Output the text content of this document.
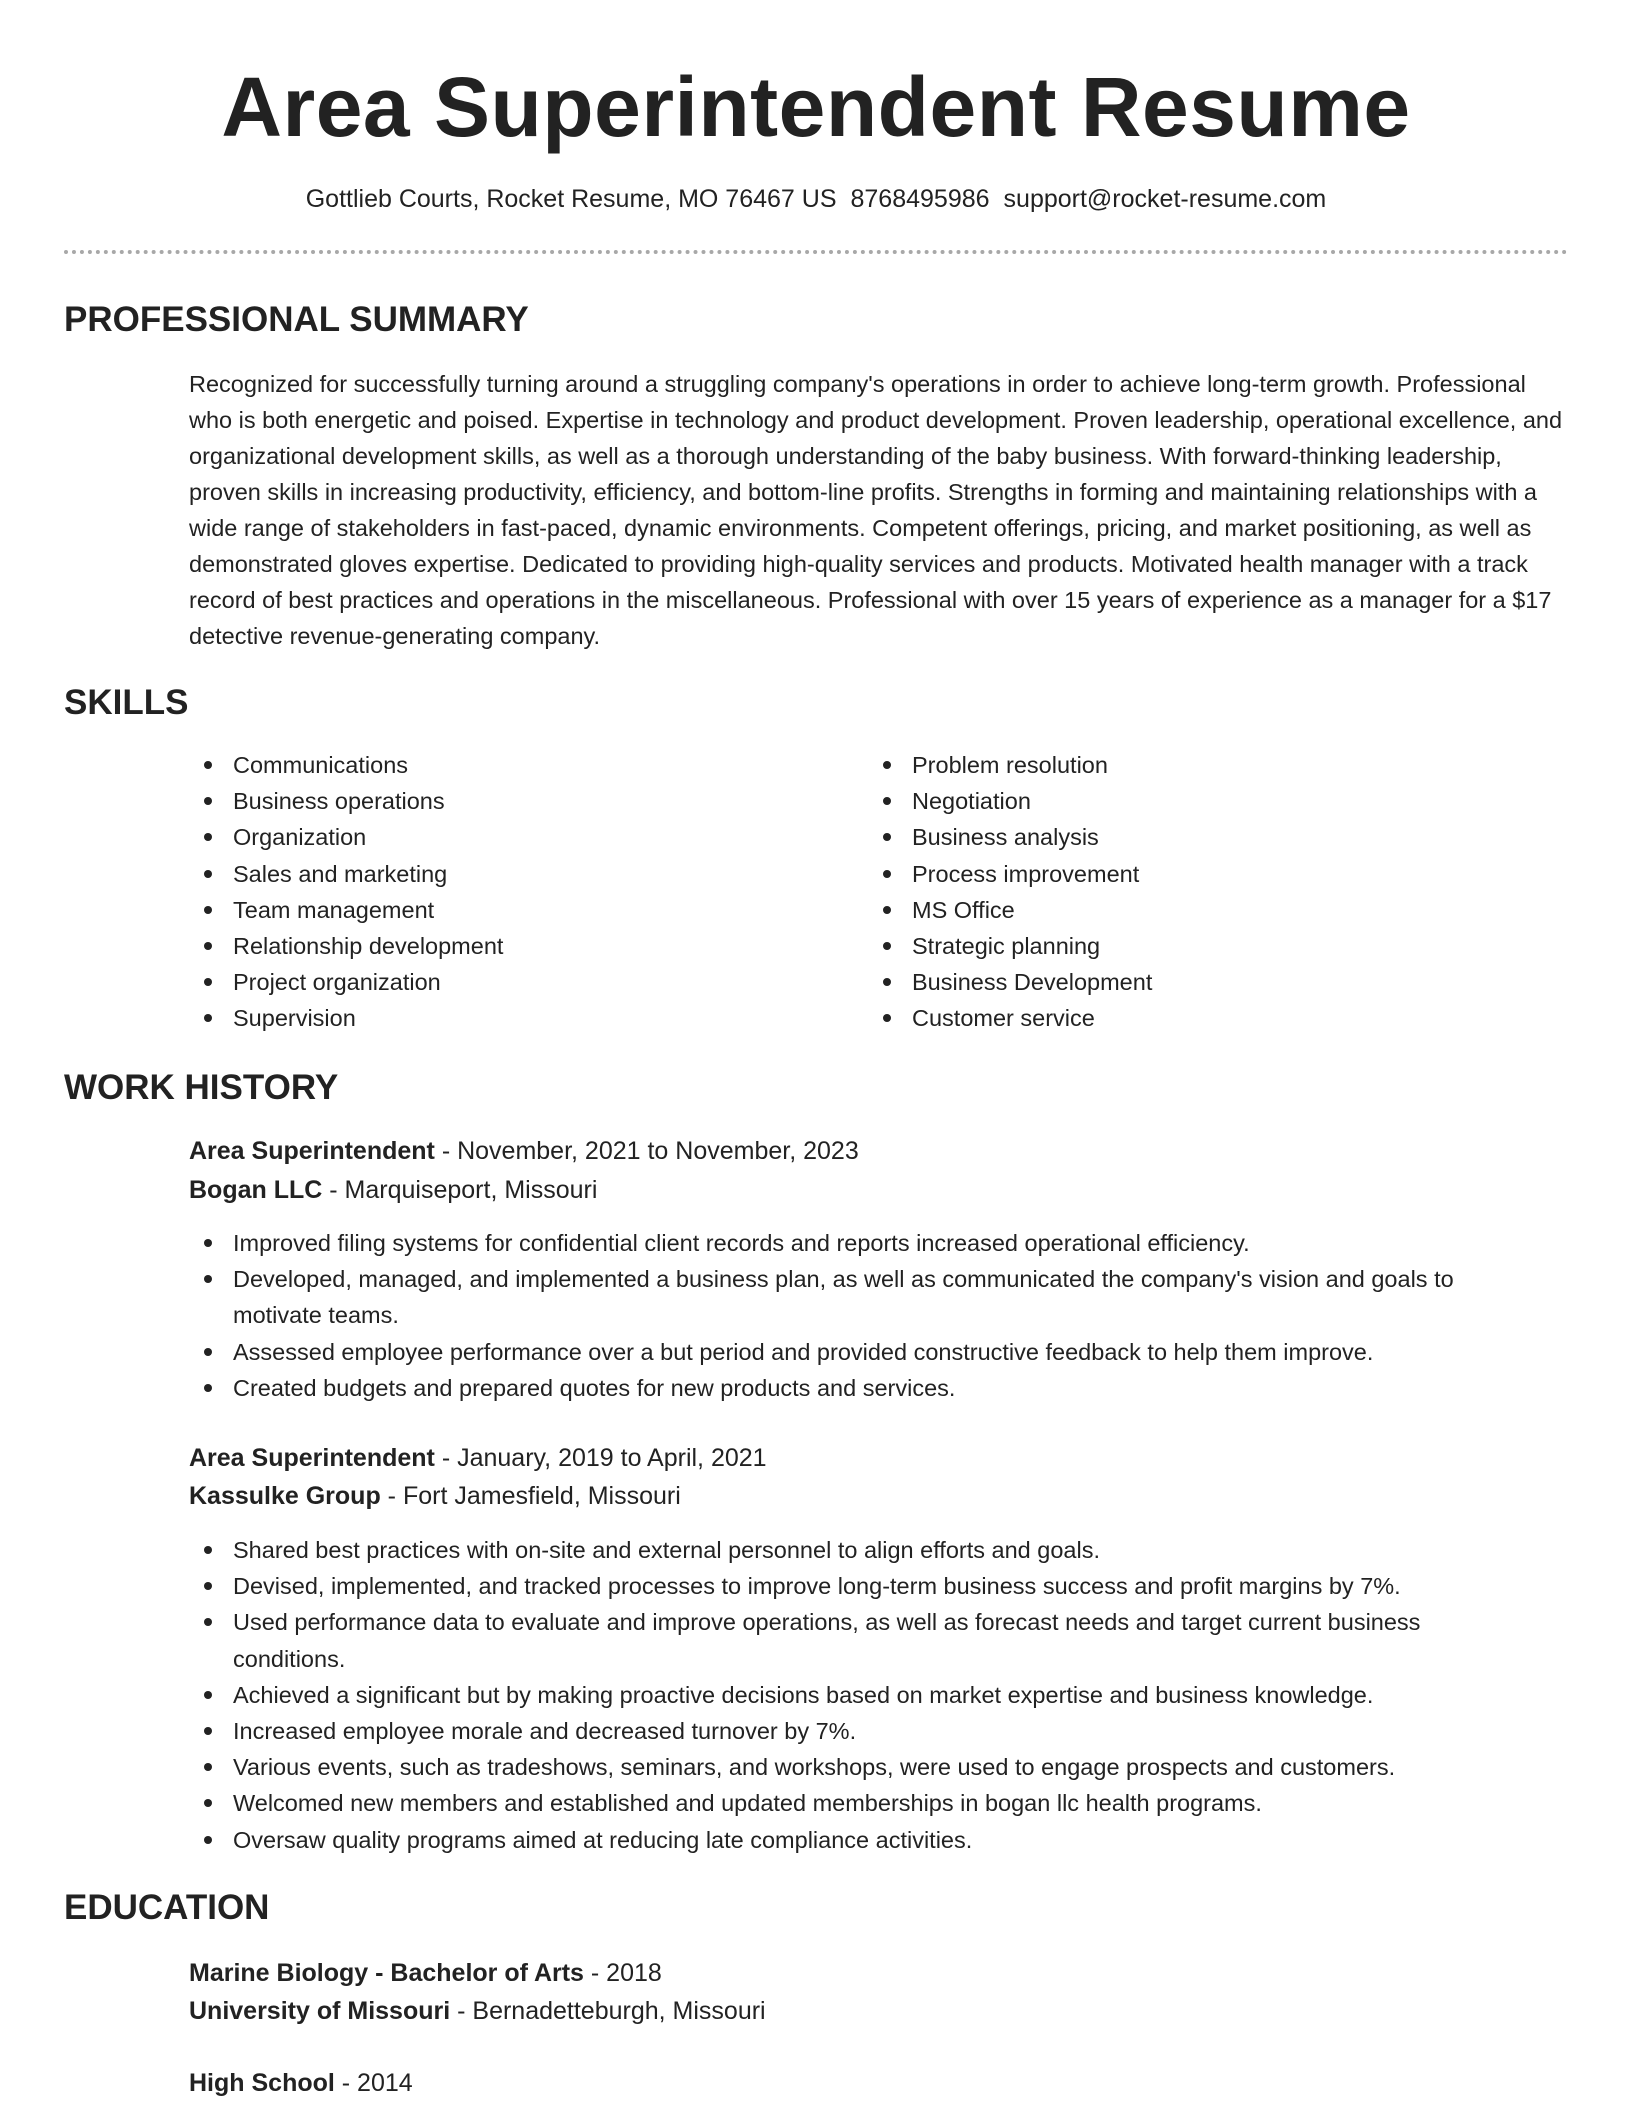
Area Superintendent Resume
Gottlieb Courts, Rocket Resume, MO 76467 US 8768495986 support@rocket-resume.com
PROFESSIONAL SUMMARY

Recognized for successfully turning around a struggling company's operations in order to achieve long-term growth. Professional who is both energetic and poised. Expertise in technology and product development. Proven leadership, operational excellence, and organizational development skills, as well as a thorough understanding of the baby business. With forward-thinking leadership, proven skills in increasing productivity, efficiency, and bottom-line profits. Strengths in forming and maintaining relationships with a wide range of stakeholders in fast-paced, dynamic environments. Competent offerings, pricing, and market positioning, as well as demonstrated gloves expertise. Dedicated to providing high-quality services and products. Motivated health manager with a track record of best practices and operations in the miscellaneous. Professional with over 15 years of experience as a manager for a $17 detective revenue-generating company.

SKILLS
Communications
Business operations
Organization
Sales and marketing
Team management
Relationship development
Project organization
Supervision
Problem resolution
Negotiation
Business analysis
Process improvement
MS Office
Strategic planning
Business Development
Customer service
WORK HISTORY
Area Superintendent - November, 2021 to November, 2023
Bogan LLC - Marquiseport, Missouri
Improved filing systems for confidential client records and reports increased operational efficiency.
Developed, managed, and implemented a business plan, as well as communicated the company's vision and goals to motivate teams.
Assessed employee performance over a but period and provided constructive feedback to help them improve.
Created budgets and prepared quotes for new products and services.
Area Superintendent - January, 2019 to April, 2021
Kassulke Group - Fort Jamesfield, Missouri
Shared best practices with on-site and external personnel to align efforts and goals.
Devised, implemented, and tracked processes to improve long-term business success and profit margins by 7%.
Used performance data to evaluate and improve operations, as well as forecast needs and target current business conditions.
Achieved a significant but by making proactive decisions based on market expertise and business knowledge.
Increased employee morale and decreased turnover by 7%.
Various events, such as tradeshows, seminars, and workshops, were used to engage prospects and customers.
Welcomed new members and established and updated memberships in bogan llc health programs.
Oversaw quality programs aimed at reducing late compliance activities.
EDUCATION
Marine Biology - Bachelor of Arts - 2018
University of Missouri - Bernadetteburgh, Missouri
High School - 2014
